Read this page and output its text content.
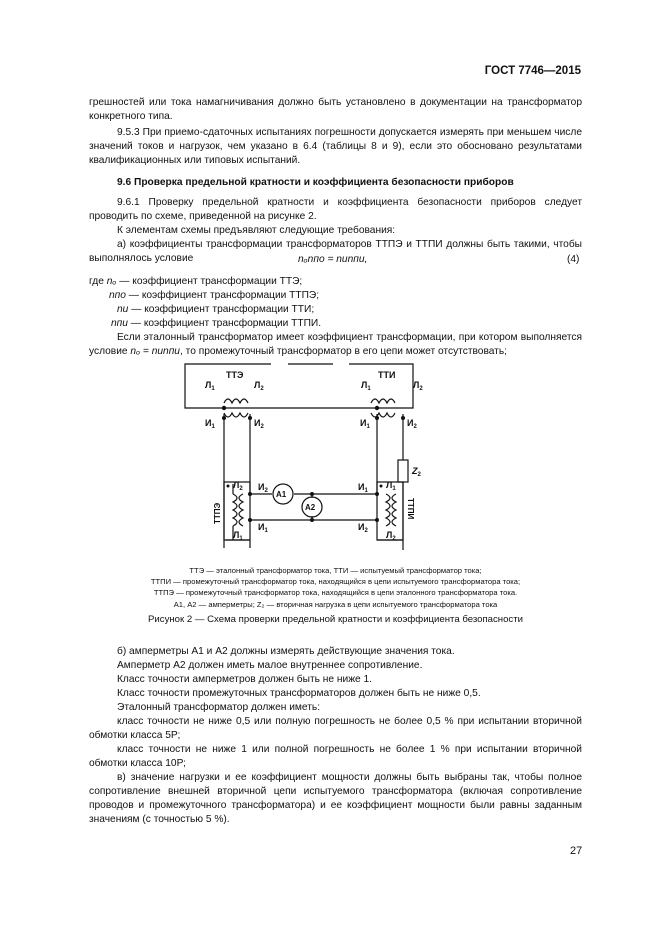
ГОСТ 7746—2015

грешностей или тока намагничивания должно быть установлено в документации на трансформатор конкретного типа.

9.5.3 При приемо-сдаточных испытаниях погрешности допускается измерять при меньшем числе значений токов и нагрузок, чем указано в 6.4 (таблицы 8 и 9), если это обосновано результатами квалификационных или типовых испытаний.

9.6 Проверка предельной кратности и коэффициента безопасности приборов

9.6.1 Проверку предельной кратности и коэффициента безопасности приборов следует проводить по схеме, приведенной на рисунке 2.

К элементам схемы предъявляют следующие требования:

а) коэффициенты трансформации трансформаторов ТТПЭ и ТТПИ должны быть такими, чтобы выполнялось условие	nₒnпо = nиnпи,	(4)
где nₒ — коэффициент трансформации ТТЭ;
nпо — коэффициент трансформации ТТПЭ;
nи — коэффициент трансформации ТТИ;
nпи — коэффициент трансформации ТТПИ.

Если эталонный трансформатор имеет коэффициент трансформации, при котором выполняется условие nₒ = nиnпи, то промежуточный трансформатор в его цепи может отсутствовать;

ТТЭ	ТТИ
$Л_1$	$Л_2$	$Л_1$	$Л_2$
$И_1$	$И_2$	$И_1$	$И_2$
$Z_2$
$Л_2$ $И_2$
$И_1$
$Л_1$
$И_1$
$Л_1$
$И_2$ $Л_2$
A1
A2
ТТПЭ	ТТПИ
ТТЭ — эталонный трансформатор тока, ТТИ — испытуемый трансформатор тока;
ТТПИ — промежуточный трансформатор тока, находящийся в цепи испытуемого трансформатора тока;
ТТПЭ — промежуточный трансформатор тока, находящийся в цепи эталонного трансформатора тока.
А1, А2 — амперметры; Z₂ — вторичная нагрузка в цепи испытуемого трансформатора тока
Рисунок 2 — Схема проверки предельной кратности и коэффициента безопасности

б) амперметры А1 и А2 должны измерять действующие значения тока.

Амперметр А2 должен иметь малое внутреннее сопротивление.

Класс точности амперметров должен быть не ниже 1.

Класс точности промежуточных трансформаторов должен быть не ниже 0,5.

Эталонный трансформатор должен иметь:

класс точности не ниже 0,5 или полную погрешность не более 0,5 % при испытании вторичной обмотки класса 5Р;

класс точности не ниже 1 или полной погрешность не более 1 % при испытании вторичной обмотки класса 10Р;

в) значение нагрузки и ее коэффициент мощности должны быть выбраны так, чтобы полное сопротивление внешней вторичной цепи испытуемого трансформатора (включая сопротивление проводов и промежуточного трансформатора) и ее коэффициент мощности были равны заданным значениям (с точностью 5 %).

27
